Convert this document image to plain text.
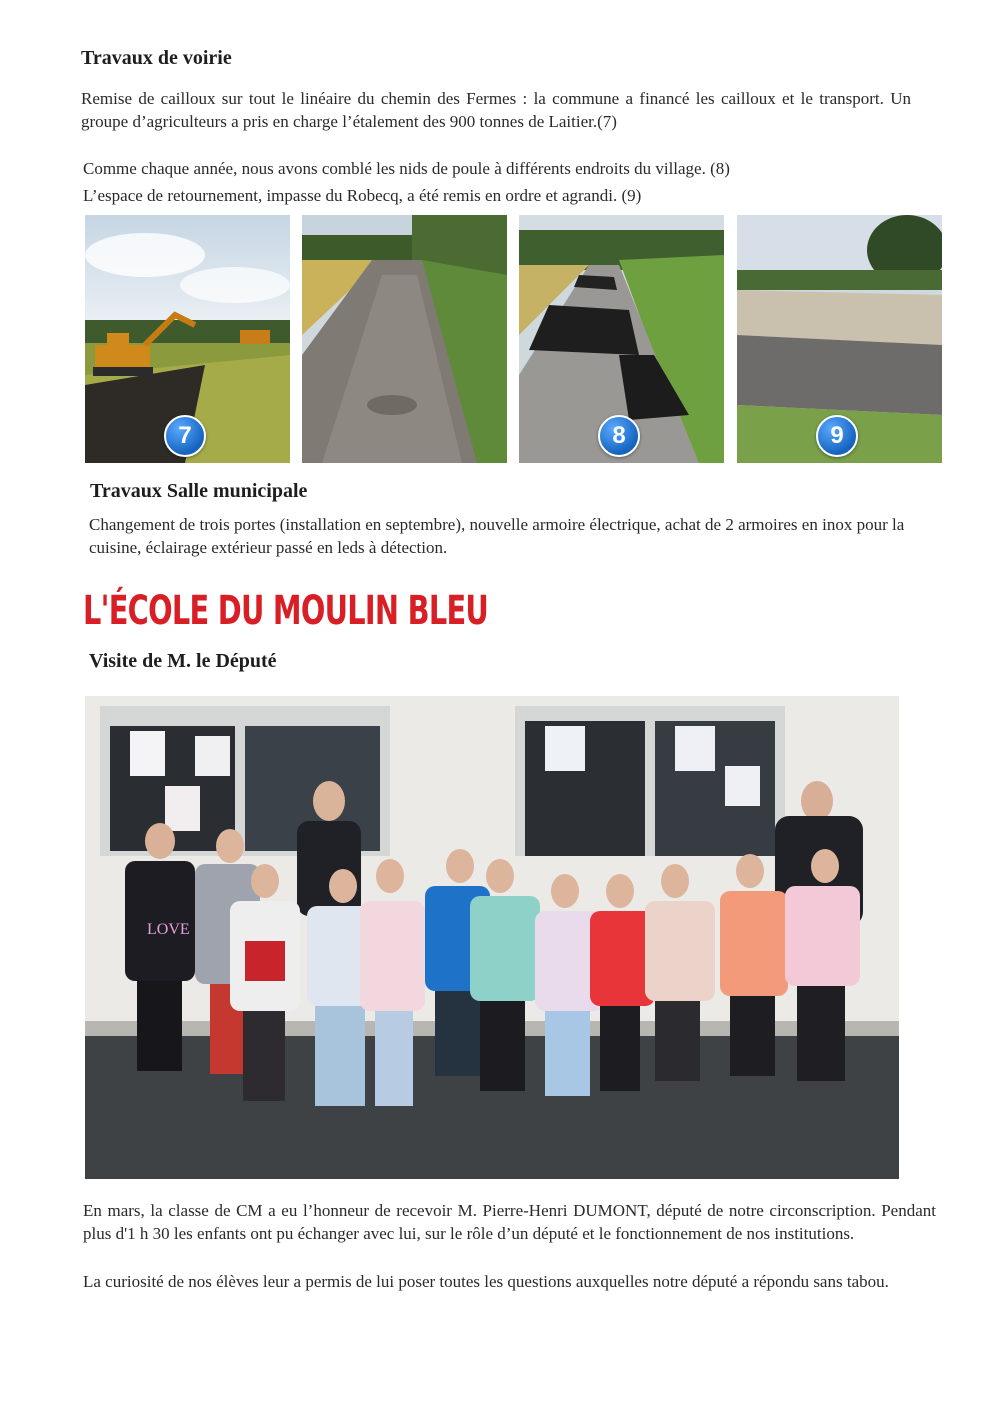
Travaux de voirie

Remise de cailloux sur tout le linéaire du chemin des Fermes : la commune a financé les cailloux et le transport. Un groupe d’agriculteurs a pris en charge l’étalement des 900 tonnes de Laitier.(7)

Comme chaque année, nous avons comblé les nids de poule à différents endroits du village. (8)

L’espace de retournement, impasse du Robecq, a été remis en ordre et agrandi. (9)

7	8	9
Travaux Salle municipale

Changement de trois portes (installation en septembre), nouvelle armoire électrique, achat de 2 armoires en inox pour la cuisine, éclairage extérieur passé en leds à détection.

L'ÉCOLE DU MOULIN BLEU
Visite de M. le Député
LOVE

En mars, la classe de CM a eu l’honneur de recevoir M. Pierre-Henri DUMONT, député de notre circonscription. Pendant plus d'1 h 30 les enfants ont pu échanger avec lui, sur le rôle d’un député et le fonctionnement de nos institutions.

La curiosité de nos élèves leur a permis de lui poser toutes les questions auxquelles notre député a répondu sans tabou.
